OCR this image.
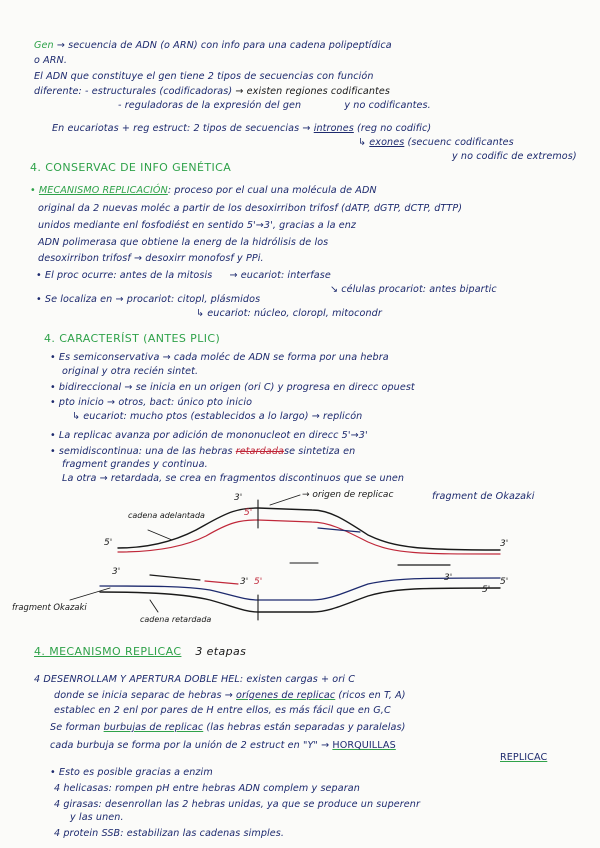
Gen → secuencia de ADN (o ARN) con info para una cadena polipeptídica
o ARN.
El ADN que constituye el gen tiene 2 tipos de secuencias con función
diferente: - estructurales (codificadoras) → existen regiones codificantes
- reguladoras de la expresión del gen	y no codificantes.
En eucariotas + reg estruct: 2 tipos de secuencias → intrones (reg no codific)
↳ exones (secuenc codificantes
y no codific de extremos)
4. CONSERVAC DE INFO GENÉTICA
• MECANISMO REPLICACIÓN: proceso por el cual una molécula de ADN
original da 2 nuevas moléc a partir de los desoxirribon trifosf (dATP, dGTP, dCTP, dTTP)
unidos mediante enl fosfodiést en sentido 5'→3', gracias a la enz
ADN polimerasa que obtiene la energ de la hidrólisis de los
desoxirribon trifosf → desoxirr monofosf y PPi.
• El proc ocurre: antes de la mitosis → eucariot: interfase
↘ células procariot: antes bipartic
• Se localiza en → procariot: citopl, plásmidos
↳ eucariot: núcleo, cloropl, mitocondr
4. CARACTERÍST (ANTES PLIC)
• Es semiconservativa → cada moléc de ADN se forma por una hebra
original y otra recién sintet.
• bidireccional → se inicia en un origen (ori C) y progresa en direcc opuest
• pto inicio → otros, bact: único pto inicio
↳ eucariot: mucho ptos (establecidos a lo largo) → replicón
• La replicac avanza por adición de mononucleot en direcc 5'→3'
• semidiscontinua: una de las hebras retardadase sintetiza en
fragment grandes y continua.
La otra → retardada, se crea en fragmentos discontinuos que se unen
fragment de Okazaki
→ origen de replicac
cadena adelantada
cadena retardada
fragment Okazaki
3'
5'
3'
5'
3'
5'
3' 5'	3'
5'
4. MECANISMO REPLICAC 3 etapas
4 DESENROLLAM Y APERTURA DOBLE HEL: existen cargas + ori C
donde se inicia separac de hebras → orígenes de replicac (ricos en T, A)
establec en 2 enl por pares de H entre ellos, es más fácil que en G,C
Se forman burbujas de replicac (las hebras están separadas y paralelas)
cada burbuja se forma por la unión de 2 estruct en "Y" → HORQUILLAS
REPLICAC
• Esto es posible gracias a enzim
4 helicasas: rompen pH entre hebras ADN complem y separan
4 girasas: desenrollan las 2 hebras unidas, ya que se produce un superenr
y las unen.
4 protein SSB: estabilizan las cadenas simples.
